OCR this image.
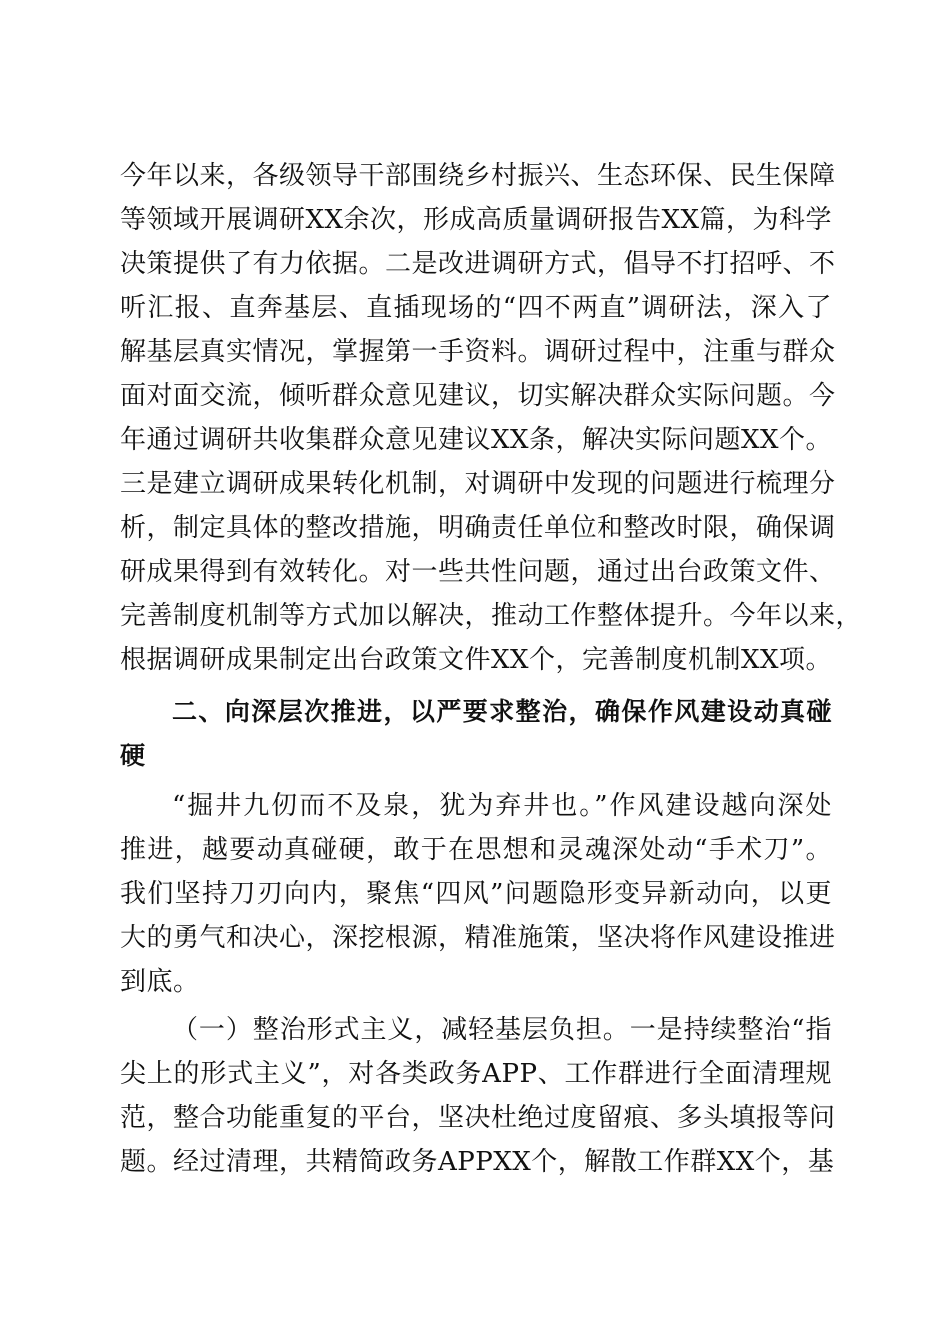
今年以来，各级领导干部围绕乡村振兴、生态环保、民生保障
等领域开展调研XX余次，形成高质量调研报告XX篇，为科学
决策提供了有力依据。二是改进调研方式，倡导不打招呼、不
听汇报、直奔基层、直插现场的“四不两直”调研法，深入了
解基层真实情况，掌握第一手资料。调研过程中，注重与群众
面对面交流，倾听群众意见建议，切实解决群众实际问题。今
年通过调研共收集群众意见建议XX条，解决实际问题XX个。
三是建立调研成果转化机制，对调研中发现的问题进行梳理分
析，制定具体的整改措施，明确责任单位和整改时限，确保调
研成果得到有效转化。对一些共性问题，通过出台政策文件、
完善制度机制等方式加以解决，推动工作整体提升。今年以来，
根据调研成果制定出台政策文件XX个，完善制度机制XX项。
二、向深层次推进，以严要求整治，确保作风建设动真碰
硬
“掘井九仞而不及泉，犹为弃井也。”作风建设越向深处
推进，越要动真碰硬，敢于在思想和灵魂深处动“手术刀”。
我们坚持刀刃向内，聚焦“四风”问题隐形变异新动向，以更
大的勇气和决心，深挖根源，精准施策，坚决将作风建设推进
到底。
（一）整治形式主义，减轻基层负担。一是持续整治“指
尖上的形式主义”，对各类政务APP、工作群进行全面清理规
范，整合功能重复的平台，坚决杜绝过度留痕、多头填报等问
题。经过清理，共精简政务APPXX个，解散工作群XX个，基
